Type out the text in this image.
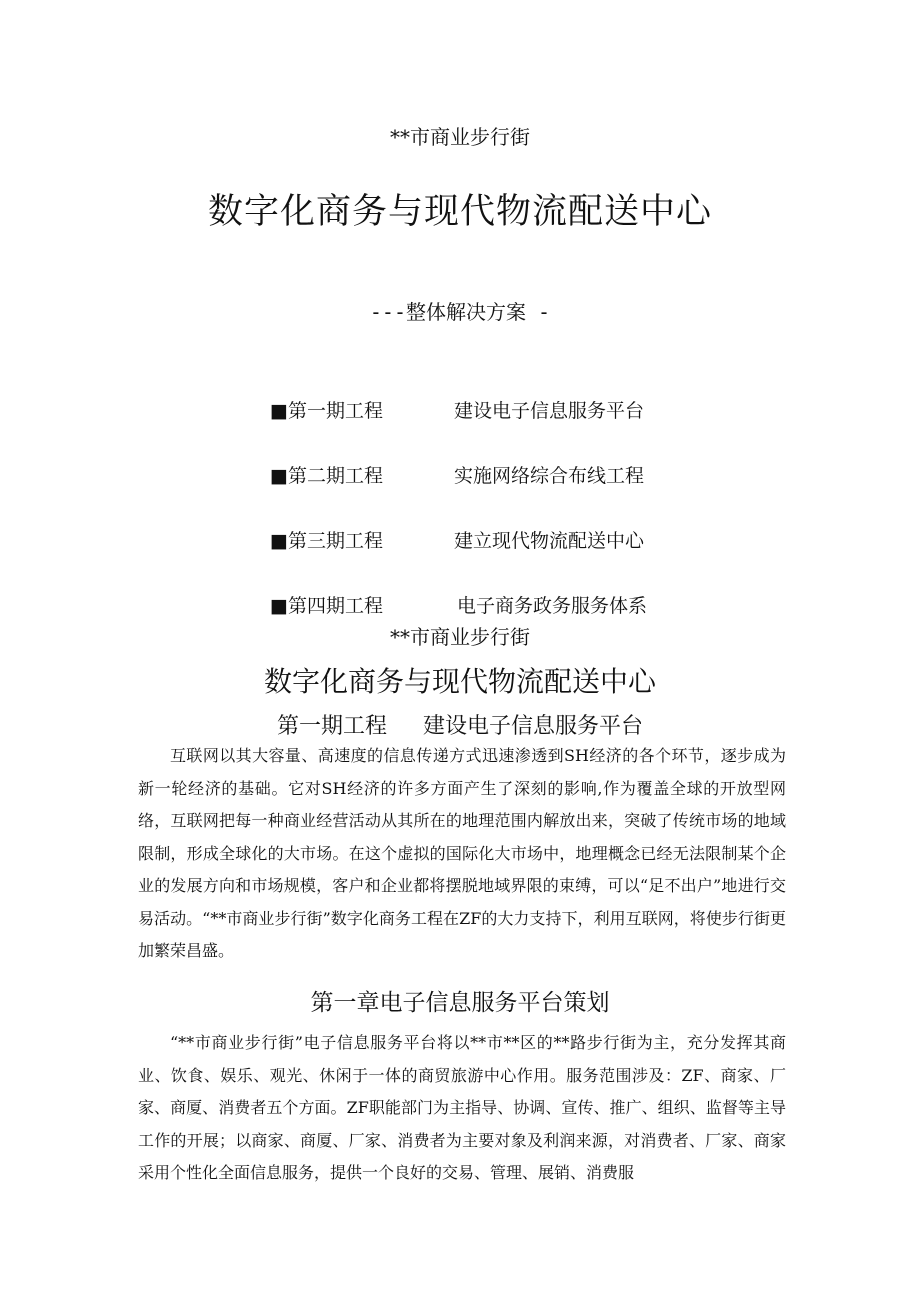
**市商业步行街
数字化商务与现代物流配送中心
---整体解决方案 -
■第一期工程	建设电子信息服务平台
■第二期工程	实施网络综合布线工程
■第三期工程	建立现代物流配送中心
■第四期工程	电子商务政务服务体系
**市商业步行街
数字化商务与现代物流配送中心
第一期工程 建设电子信息服务平台
互联网以其大容量、高速度的信息传递方式迅速渗透到SH经济的各个环节，逐步成为新一轮经济的基础。它对SH经济的许多方面产生了深刻的影响,作为覆盖全球的开放型网络，互联网把每一种商业经营活动从其所在的地理范围内解放出来，突破了传统市场的地域限制，形成全球化的大市场。在这个虚拟的国际化大市场中，地理概念已经无法限制某个企业的发展方向和市场规模，客户和企业都将摆脱地域界限的束缚，可以“足不出户”地进行交易活动。“**市商业步行街”数字化商务工程在ZF的大力支持下，利用互联网，将使步行街更加繁荣昌盛。
第一章电子信息服务平台策划
“**市商业步行街”电子信息服务平台将以**市**区的**路步行街为主，充分发挥其商业、饮食、娱乐、观光、休闲于一体的商贸旅游中心作用。服务范围涉及：ZF、商家、厂家、商厦、消费者五个方面。ZF职能部门为主指导、协调、宣传、推广、组织、监督等主导工作的开展；以商家、商厦、厂家、消费者为主要对象及利润来源，对消费者、厂家、商家采用个性化全面信息服务，提供一个良好的交易、管理、展销、消费服
